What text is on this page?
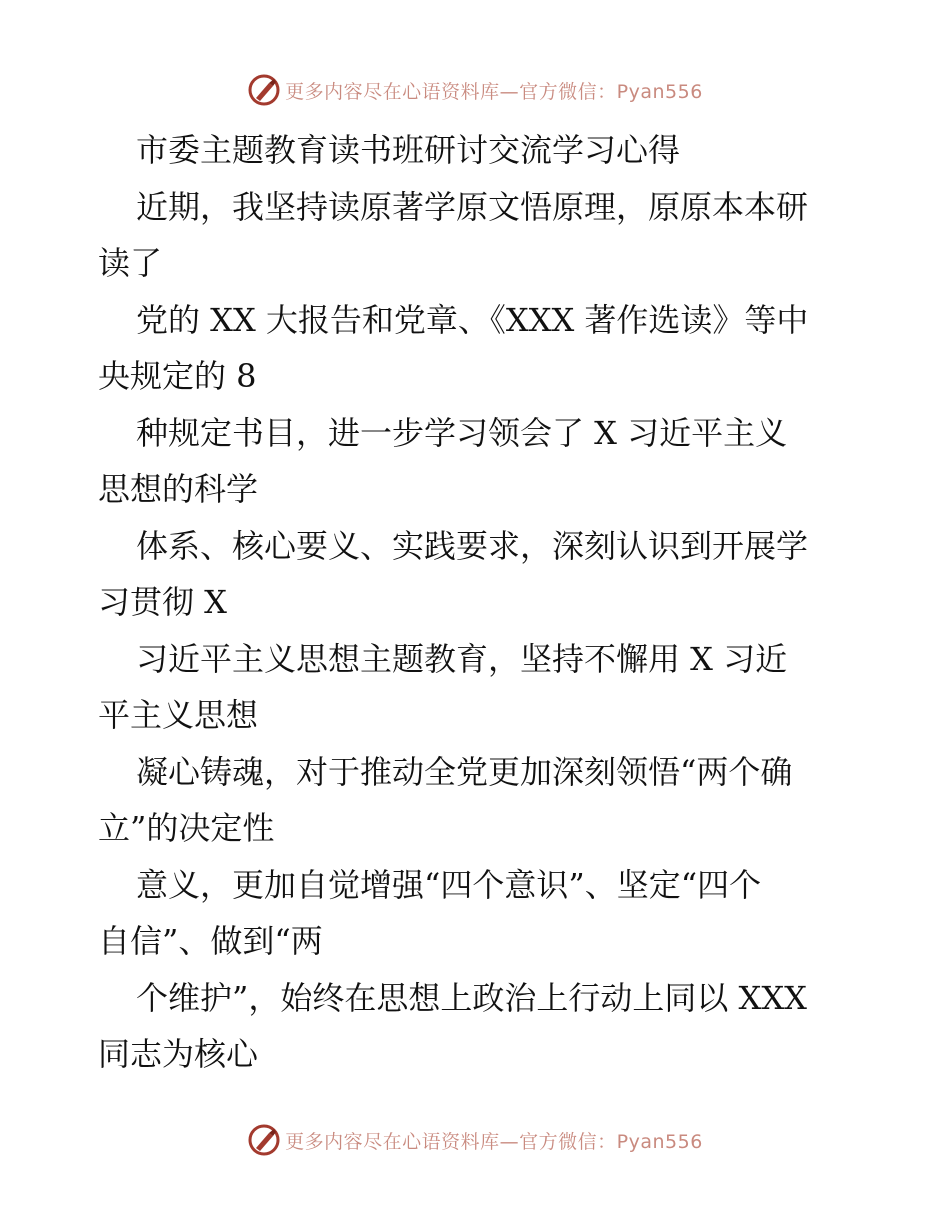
更多内容尽在心语资料库—官方微信：Pyan556
市委主题教育读书班研讨交流学习心得
近期，我坚持读原著学原文悟原理，原原本本研
读了
党的 XX 大报告和党章、《XXX 著作选读》等中
央规定的 8
种规定书目，进一步学习领会了 X 习近平主义
思想的科学
体系、核心要义、实践要求，深刻认识到开展学
习贯彻 X
习近平主义思想主题教育，坚持不懈用 X 习近
平主义思想
凝心铸魂，对于推动全党更加深刻领悟“两个确
立”的决定性
意义，更加自觉增强“四个意识”、坚定“四个
自信”、做到“两
个维护”，始终在思想上政治上行动上同以 XXX
同志为核心
更多内容尽在心语资料库—官方微信：Pyan556
